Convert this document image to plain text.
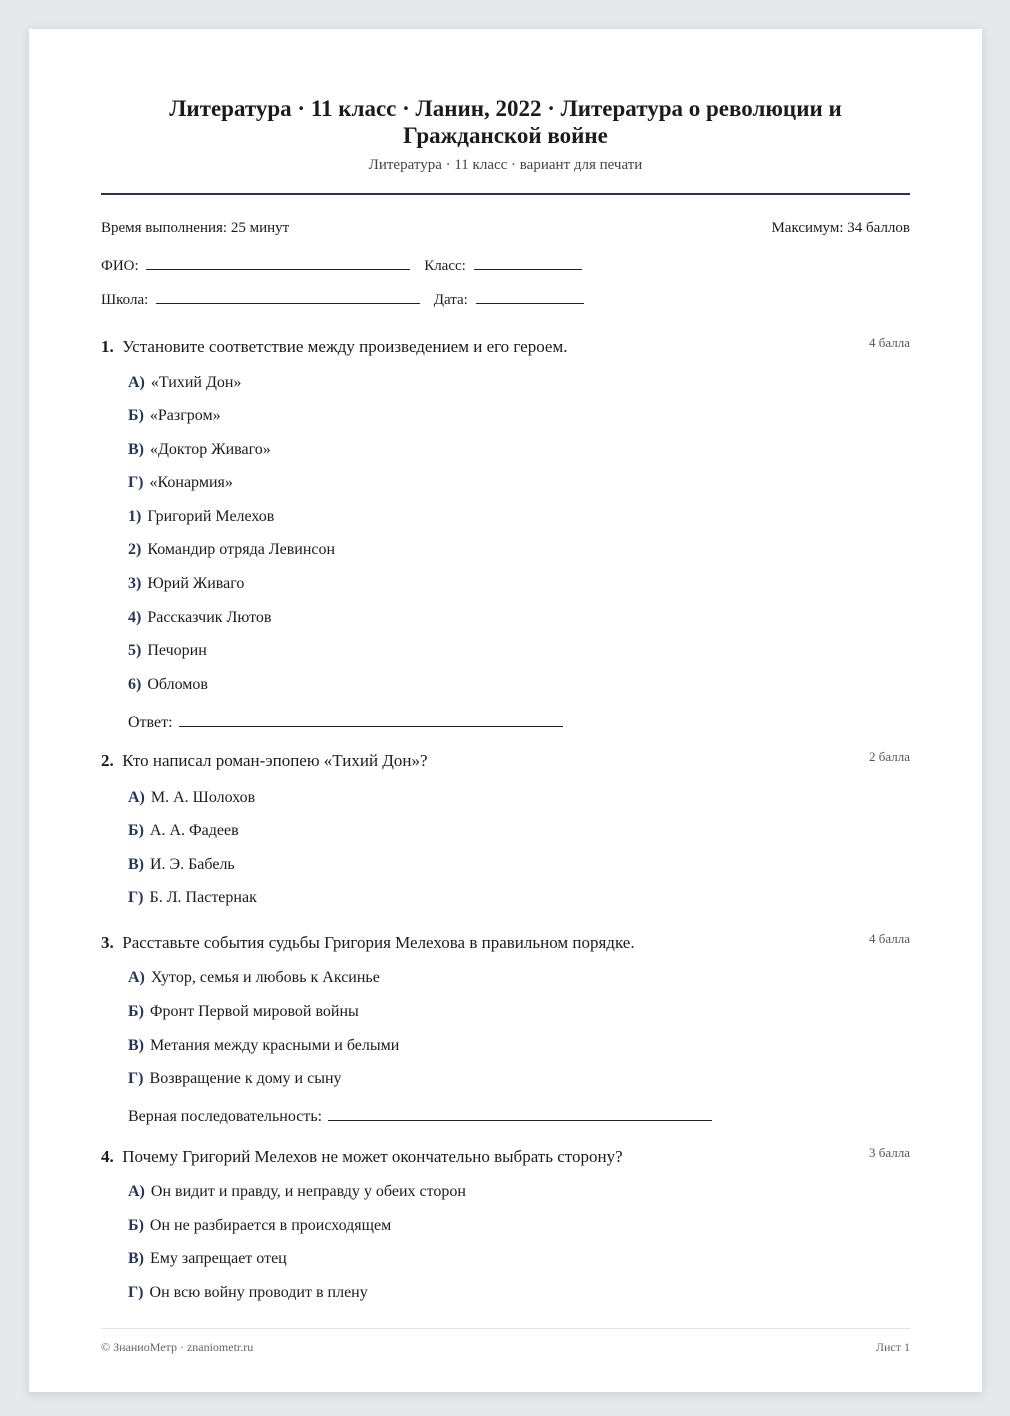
Литература · 11 класс · Ланин, 2022 · Литература о революции и Гражданской войне
Литература · 11 класс · вариант для печати
Время выполнения: 25 минут	Максимум: 34 баллов
ФИО:	Класс:
Школа:	Дата:
1. Установите соответствие между произведением и его героем.	4 балла
А) «Тихий Дон»
Б) «Разгром»
В) «Доктор Живаго»
Г) «Конармия»
1) Григорий Мелехов
2) Командир отряда Левинсон
3) Юрий Живаго
4) Рассказчик Лютов
5) Печорин
6) Обломов
Ответ:
2. Кто написал роман-эпопею «Тихий Дон»?	2 балла
А) М. А. Шолохов
Б) А. А. Фадеев
В) И. Э. Бабель
Г) Б. Л. Пастернак
3. Расставьте события судьбы Григория Мелехова в правильном порядке.	4 балла
А) Хутор, семья и любовь к Аксинье
Б) Фронт Первой мировой войны
В) Метания между красными и белыми
Г) Возвращение к дому и сыну
Верная последовательность:
4. Почему Григорий Мелехов не может окончательно выбрать сторону?	3 балла
А) Он видит и правду, и неправду у обеих сторон
Б) Он не разбирается в происходящем
В) Ему запрещает отец
Г) Он всю войну проводит в плену
© ЗнаниоМетр · znaniometr.ru	Лист 1
